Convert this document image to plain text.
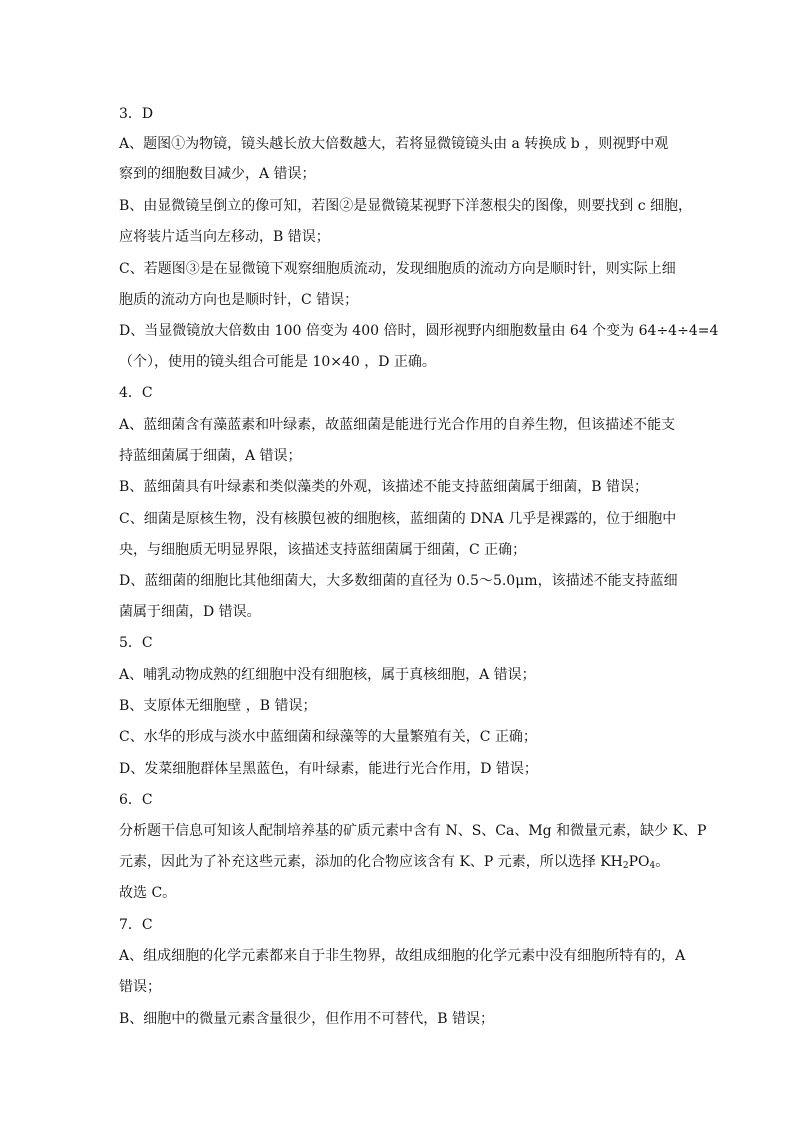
3．D
A、题图①为物镜，镜头越长放大倍数越大，若将显微镜镜头由 a 转换成 b ，则视野中观
察到的细胞数目减少，A 错误；
B、由显微镜呈倒立的像可知，若图②是显微镜某视野下洋葱根尖的图像，则要找到 c 细胞，
应将装片适当向左移动，B 错误；
C、若题图③是在显微镜下观察细胞质流动，发现细胞质的流动方向是顺时针，则实际上细
胞质的流动方向也是顺时针，C 错误；
D、当显微镜放大倍数由 100 倍变为 400 倍时，圆形视野内细胞数量由 64 个变为 64÷4÷4=4
（个），使用的镜头组合可能是 10×40 ，D 正确。
4．C
A、蓝细菌含有藻蓝素和叶绿素，故蓝细菌是能进行光合作用的自养生物，但该描述不能支
持蓝细菌属于细菌，A 错误；
B、蓝细菌具有叶绿素和类似藻类的外观，该描述不能支持蓝细菌属于细菌，B 错误；
C、细菌是原核生物，没有核膜包被的细胞核，蓝细菌的 DNA 几乎是裸露的，位于细胞中
央，与细胞质无明显界限，该描述支持蓝细菌属于细菌，C 正确；
D、蓝细菌的细胞比其他细菌大，大多数细菌的直径为 0.5～5.0μm，该描述不能支持蓝细
菌属于细菌，D 错误。
5．C
A、哺乳动物成熟的红细胞中没有细胞核，属于真核细胞，A 错误；
B、支原体无细胞壁 ，B 错误；
C、水华的形成与淡水中蓝细菌和绿藻等的大量繁殖有关，C 正确；
D、发菜细胞群体呈黑蓝色，有叶绿素，能进行光合作用，D 错误；
6．C
分析题干信息可知该人配制培养基的矿质元素中含有 N、S、Ca、Mg 和微量元素，缺少 K、P
元素，因此为了补充这些元素，添加的化合物应该含有 K、P 元素，所以选择 $KH_2PO_4$。
故选 C。
7．C
A、组成细胞的化学元素都来自于非生物界，故组成细胞的化学元素中没有细胞所特有的，A
错误；
B、细胞中的微量元素含量很少，但作用不可替代，B 错误；
